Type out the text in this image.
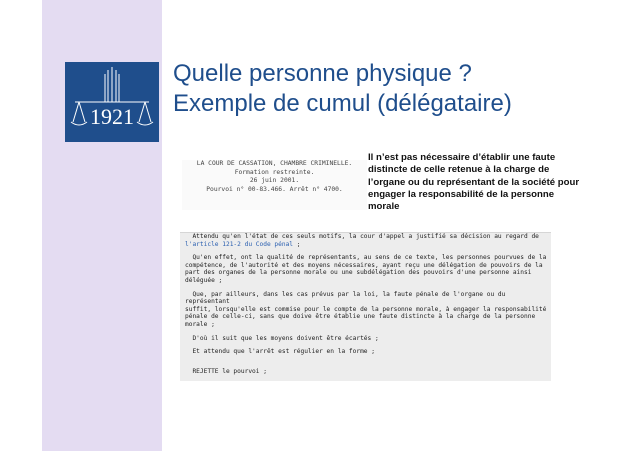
1921
Quelle personne physique ?
Exemple de cumul (délégataire)
LA COUR DE CASSATION, CHAMBRE CRIMINELLE.
Formation restreinte.
26 juin 2001.
Pourvoi n° 00-83.466. Arrêt n° 4700.

Il n’est pas nécessaire d’établir une faute distincte de celle retenue à la charge de l’organe ou du représentant de la société pour engager la responsabilité de la personne morale

Attendu qu'en l'état de ces seuls motifs, la cour d'appel a justifié sa décision au regard de
l'article 121-2 du Code pénal ;

Qu'en effet, ont la qualité de représentants, au sens de ce texte, les personnes pourvues de la
compétence, de l'autorité et des moyens nécessaires, ayant reçu une délégation de pouvoirs de la
part des organes de la personne morale ou une subdélégation des pouvoirs d'une personne ainsi
déléguée ;

Que, par ailleurs, dans les cas prévus par la loi, la faute pénale de l'organe ou du représentant
suffit, lorsqu'elle est commise pour le compte de la personne morale, à engager la responsabilité
pénale de celle-ci, sans que doive être établie une faute distincte à la charge de la personne
morale ;

D'où il suit que les moyens doivent être écartés ;

Et attendu que l'arrêt est régulier en la forme ;

REJETTE le pourvoi ;
